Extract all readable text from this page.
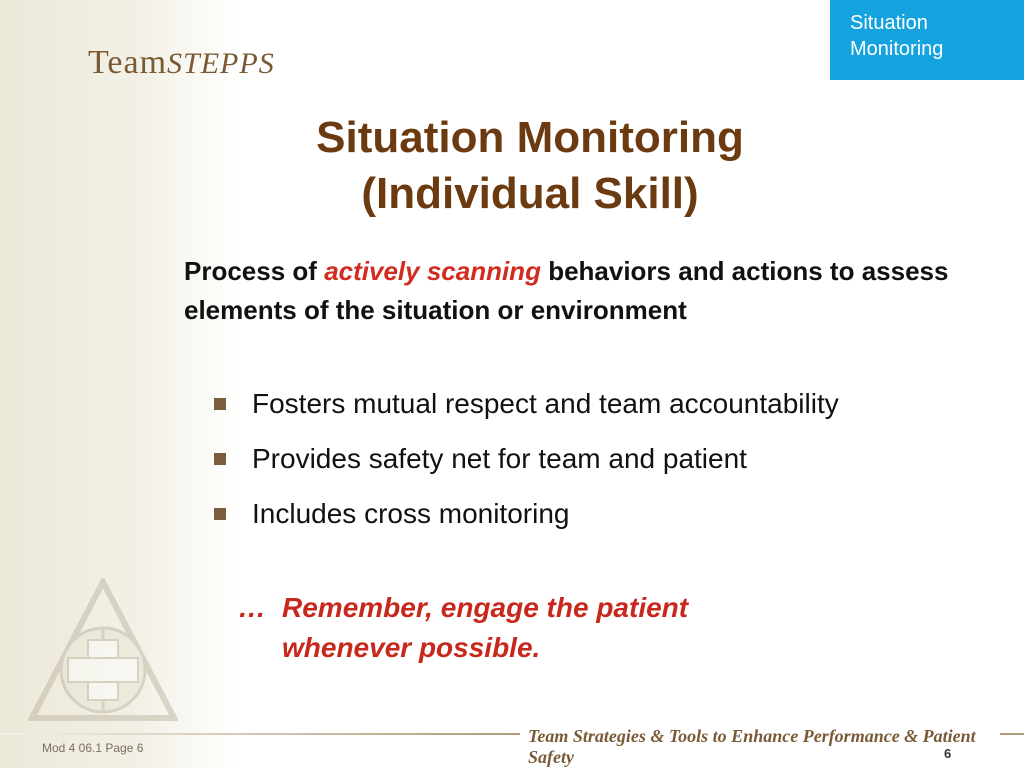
TeamSTEPPS
Situation
Monitoring
Situation Monitoring
(Individual Skill)
Process of actively scanning behaviors and actions to assess elements of the situation or environment
Fosters mutual respect and team accountability
Provides safety net for team and patient
Includes cross monitoring
… Remember, engage the patient
whenever possible.
Team Strategies & Tools to Enhance Performance & Patient Safety
Mod 4 06.1 Page 6	6
